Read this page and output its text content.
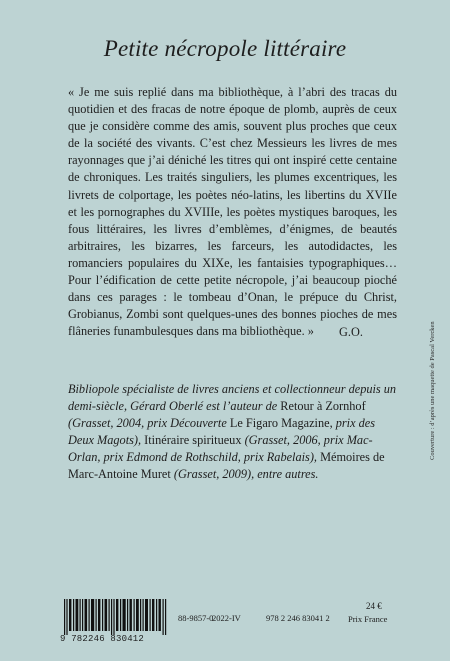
Petite nécropole littéraire

« Je me suis replié dans ma bibliothèque, à l’abri des tracas du quotidien et des fracas de notre époque de plomb, auprès de ceux que je considère comme des amis, souvent plus proches que ceux de la société des vivants. C’est chez Messieurs les livres de mes rayonnages que j’ai déniché les titres qui ont inspiré cette centaine de chroniques. Les traités singuliers, les plumes excentriques, les livrets de colportage, les poètes néo-latins, les libertins du XVIIe et les pornographes du XVIIIe, les poètes mystiques baroques, les fous littéraires, les livres d’emblèmes, d’énigmes, de beautés arbitraires, les bizarres, les farceurs, les autodidactes, les romanciers populaires du XIXe, les fantaisies typographiques… Pour l’édification de cette petite nécropole, j’ai beaucoup pioché dans ces parages : le tombeau d’Onan, le prépuce du Christ, Grobianus, Zombi sont quelques-unes des bonnes pioches de mes flâneries funambulesques dans ma bibliothèque. »	G.O.
Bibliopole spécialiste de livres anciens et collectionneur depuis un demi-siècle, Gérard Oberlé est l’auteur de Retour à Zornhof (Grasset, 2004, prix Découverte Le Figaro Magazine, prix des Deux Magots), Itinéraire spiritueux (Grasset, 2006, prix Mac-Orlan, prix Edmond de Rothschild, prix Rabelais), Mémoires de Marc-Antoine Muret (Grasset, 2009), entre autres.
Couverture : d’après une maquette de Pascal Vercken
9 782246 830412
88-9857-0
2022-IV	978 2 246 83041 2
24 €
Prix France
